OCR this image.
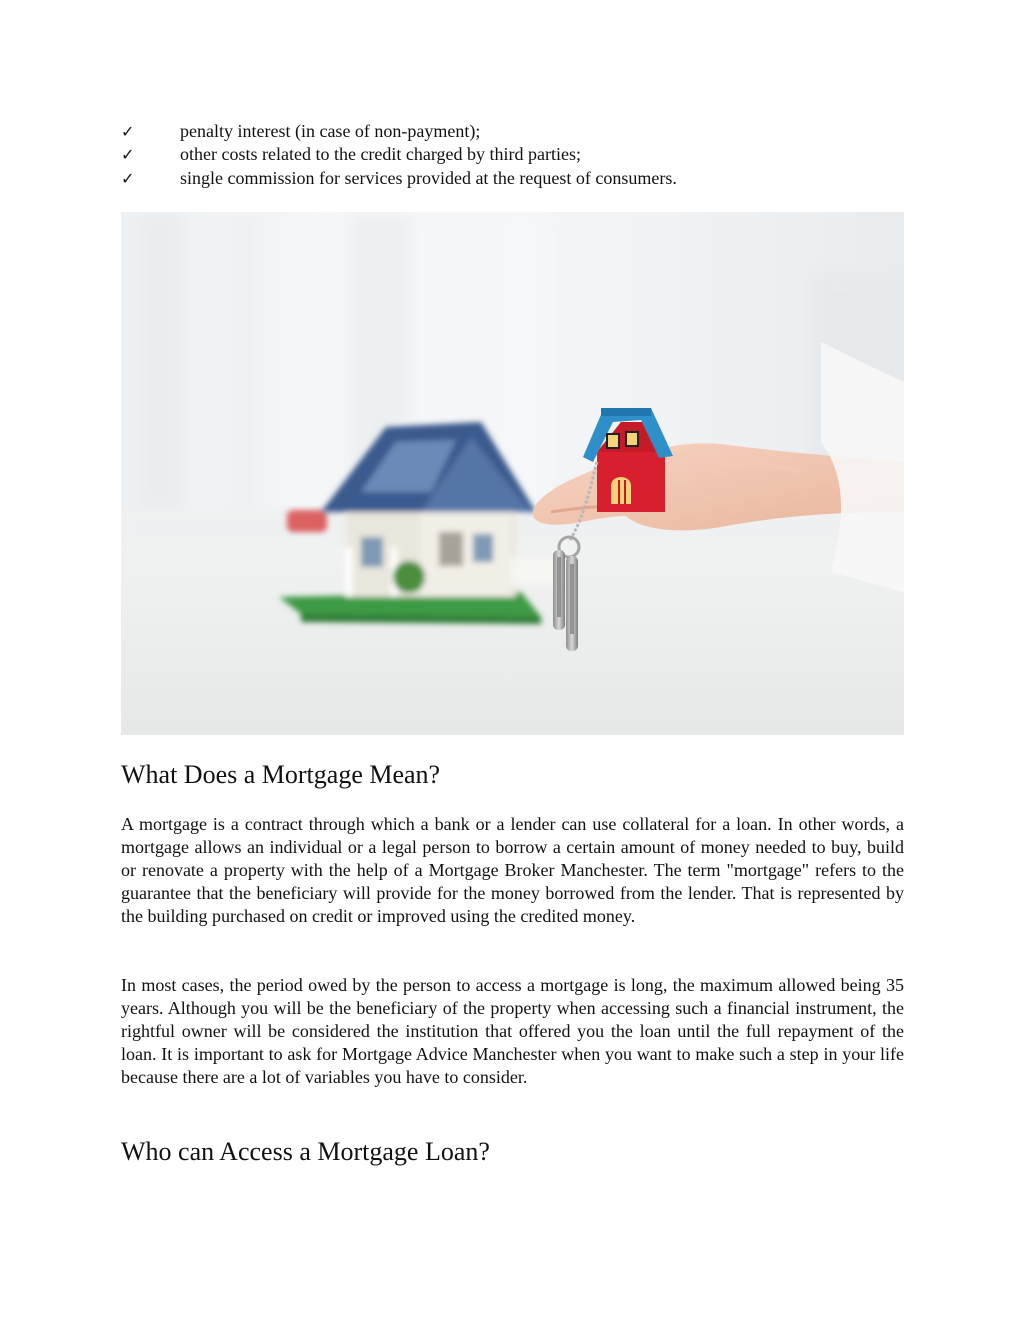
✓	penalty interest (in case of non-payment);
✓	other costs related to the credit charged by third parties;
✓	single commission for services provided at the request of consumers.
What Does a Mortgage Mean?

A mortgage is a contract through which a bank or a lender can use collateral for a loan. In other words, a mortgage allows an individual or a legal person to borrow a certain amount of money needed to buy, build or renovate a property with the help of a Mortgage Broker Manchester. The term "mortgage" refers to the guarantee that the beneficiary will provide for the money borrowed from the lender. That is represented by the building purchased on credit or improved using the credited money.

In most cases, the period owed by the person to access a mortgage is long, the maximum allowed being 35 years. Although you will be the beneficiary of the property when accessing such a financial instrument, the rightful owner will be considered the institution that offered you the loan until the full repayment of the loan. It is important to ask for Mortgage Advice Manchester when you want to make such a step in your life because there are a lot of variables you have to consider.

Who can Access a Mortgage Loan?
